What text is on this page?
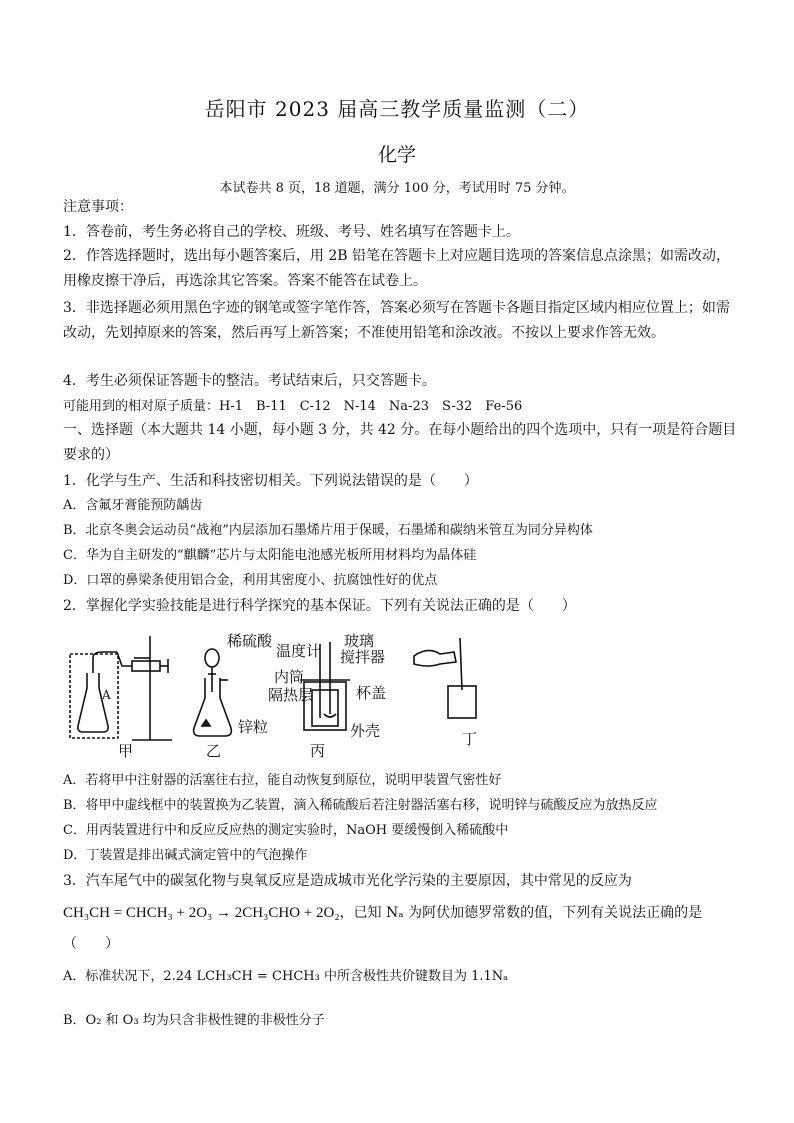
岳阳市 2023 届高三教学质量监测（二）
化学
本试卷共 8 页，18 道题，满分 100 分，考试用时 75 分钟。
注意事项：
1．答卷前，考生务必将自己的学校、班级、考号、姓名填写在答题卡上。
2．作答选择题时，选出每小题答案后，用 2B 铅笔在答题卡上对应题目选项的答案信息点涂黑；如需改动，用橡皮擦干净后，再选涂其它答案。答案不能答在试卷上。
3．非选择题必须用黑色字迹的钢笔或签字笔作答，答案必须写在答题卡各题目指定区域内相应位置上；如需改动，先划掉原来的答案，然后再写上新答案；不准使用铅笔和涂改液。不按以上要求作答无效。
4．考生必须保证答题卡的整洁。考试结束后，只交答题卡。
可能用到的相对原子质量：H-1　B-11　C-12　N-14　Na-23　S-32　Fe-56
一、选择题（本大题共 14 小题，每小题 3 分，共 42 分。在每小题给出的四个选项中，只有一项是符合题目要求的）
1．化学与生产、生活和科技密切相关。下列说法错误的是（　　）
A．含氟牙膏能预防龋齿
B．北京冬奥会运动员“战袍”内层添加石墨烯片用于保暖，石墨烯和碳纳米管互为同分异构体
C．华为自主研发的“麒麟”芯片与太阳能电池感光板所用材料均为晶体硅
D．口罩的鼻梁条使用铝合金，利用其密度小、抗腐蚀性好的优点
2．掌握化学实验技能是进行科学探究的基本保证。下列有关说法正确的是（　　）
A
甲	乙	丙
丁
稀硫酸
锌粒
温度计
玻璃
搅拌器
内筒
隔热层	杯盖
外壳
A．若将甲中注射器的活塞往右拉，能自动恢复到原位，说明甲装置气密性好
B．将甲中虚线框中的装置换为乙装置，滴入稀硫酸后若注射器活塞右移，说明锌与硫酸反应为放热反应
C．用丙装置进行中和反应反应热的测定实验时，NaOH 要缓慢倒入稀硫酸中
D．丁装置是排出碱式滴定管中的气泡操作
3．汽车尾气中的碳氢化物与臭氧反应是造成城市光化学污染的主要原因，其中常见的反应为
CH₃CH = CHCH₃ + 2O₃ → 2CH₃CHO + 2O₂，已知 Nₐ 为阿伏加德罗常数的值，下列有关说法正确的是
（　　）
A．标准状况下，2.24 LCH₃CH = CHCH₃ 中所含极性共价键数目为 1.1Nₐ
B．O₂ 和 O₃ 均为只含非极性键的非极性分子
